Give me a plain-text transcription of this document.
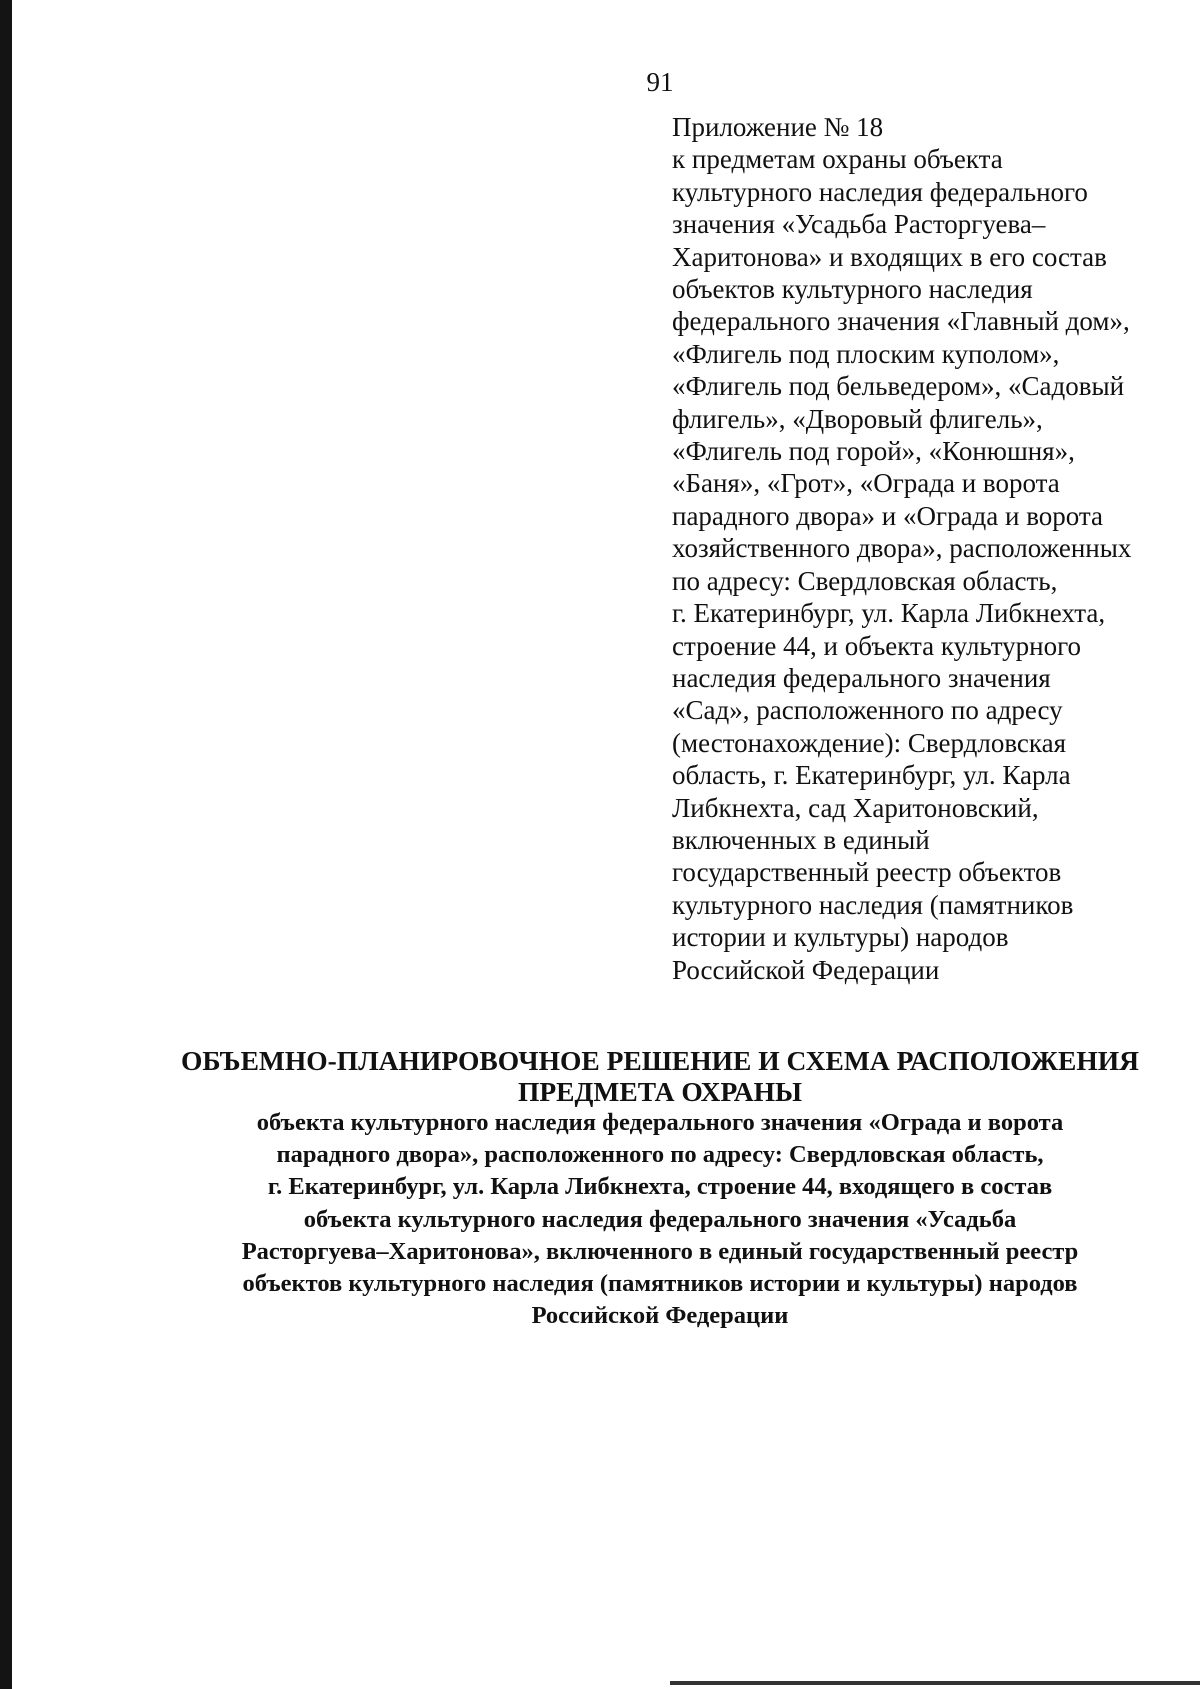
91
Приложение № 18
к предметам охраны объекта
культурного наследия федерального
значения «Усадьба Расторгуева–
Харитонова» и входящих в его состав
объектов культурного наследия
федерального значения «Главный дом»,
«Флигель под плоским куполом»,
«Флигель под бельведером», «Садовый
флигель», «Дворовый флигель»,
«Флигель под горой», «Конюшня»,
«Баня», «Грот», «Ограда и ворота
парадного двора» и «Ограда и ворота
хозяйственного двора», расположенных
по адресу: Свердловская область,
г. Екатеринбург, ул. Карла Либкнехта,
строение 44, и объекта культурного
наследия федерального значения
«Сад», расположенного по адресу
(местонахождение): Свердловская
область, г. Екатеринбург, ул. Карла
Либкнехта, сад Харитоновский,
включенных в единый
государственный реестр объектов
культурного наследия (памятников
истории и культуры) народов
Российской Федерации
ОБЪЕМНО-ПЛАНИРОВОЧНОЕ РЕШЕНИЕ И СХЕМА РАСПОЛОЖЕНИЯ
ПРЕДМЕТА ОХРАНЫ
объекта культурного наследия федерального значения «Ограда и ворота
парадного двора», расположенного по адресу: Свердловская область,
г. Екатеринбург, ул. Карла Либкнехта, строение 44, входящего в состав
объекта культурного наследия федерального значения «Усадьба
Расторгуева–Харитонова», включенного в единый государственный реестр
объектов культурного наследия (памятников истории и культуры) народов
Российской Федерации
